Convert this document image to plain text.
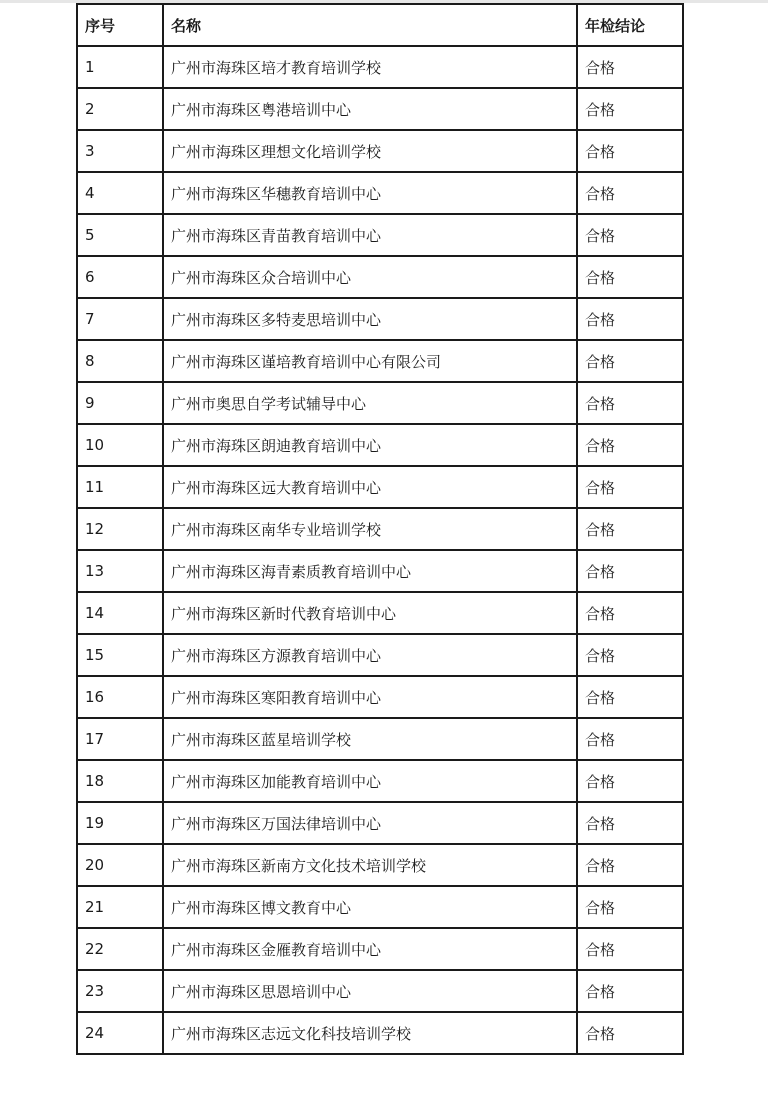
序号	名称	年检结论
1	广州市海珠区培才教育培训学校	合格
2	广州市海珠区粤港培训中心	合格
3	广州市海珠区理想文化培训学校	合格
4	广州市海珠区华穗教育培训中心	合格
5	广州市海珠区青苗教育培训中心	合格
6	广州市海珠区众合培训中心	合格
7	广州市海珠区多特麦思培训中心	合格
8	广州市海珠区谨培教育培训中心有限公司	合格
9	广州市奥思自学考试辅导中心	合格
10	广州市海珠区朗迪教育培训中心	合格
11	广州市海珠区远大教育培训中心	合格
12	广州市海珠区南华专业培训学校	合格
13	广州市海珠区海青素质教育培训中心	合格
14	广州市海珠区新时代教育培训中心	合格
15	广州市海珠区方源教育培训中心	合格
16	广州市海珠区寒阳教育培训中心	合格
17	广州市海珠区蓝星培训学校	合格
18	广州市海珠区加能教育培训中心	合格
19	广州市海珠区万国法律培训中心	合格
20	广州市海珠区新南方文化技术培训学校	合格
21	广州市海珠区博文教育中心	合格
22	广州市海珠区金雁教育培训中心	合格
23	广州市海珠区思恩培训中心	合格
24	广州市海珠区志远文化科技培训学校	合格
